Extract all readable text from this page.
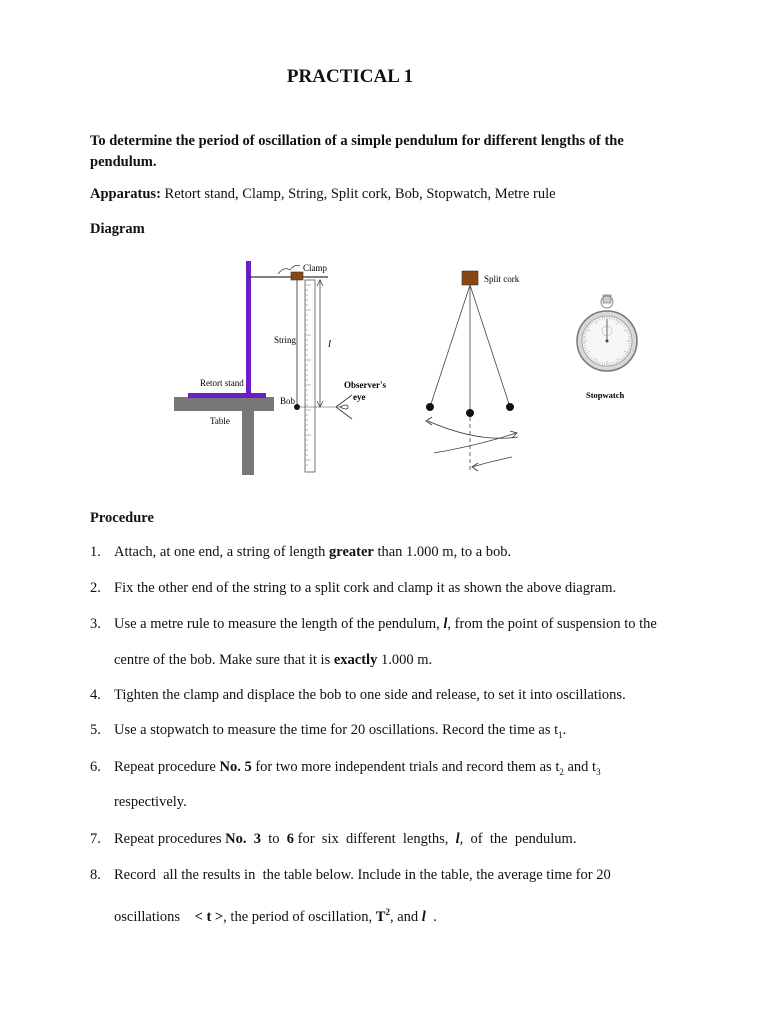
PRACTICAL 1
To determine the period of oscillation of a simple pendulum for different lengths of the pendulum.
Apparatus: Retort stand, Clamp, String, Split cork, Bob, Stopwatch, Metre rule
Diagram
Table
Retort stand
Clamp
String
Bob
l
Observer's
eye
Split cork
Stopwatch
Procedure
1. Attach, at one end, a string of length greater than 1.000 m, to a bob.
2. Fix the other end of the string to a split cork and clamp it as shown the above diagram.
3. Use a metre rule to measure the length of the pendulum, l, from the point of suspension to the
centre of the bob. Make sure that it is exactly 1.000 m.
4. Tighten the clamp and displace the bob to one side and release, to set it into oscillations.
5. Use a stopwatch to measure the time for 20 oscillations. Record the time as $t_1$.
6. Repeat procedure No. 5 for two more independent trials and record them as $t_2$ and $t_3$
respectively.
7. Repeat procedures No.  3  to  6 for  six  different  lengths,  l,  of  the  pendulum.
8. Record  all the results in  the table below. Include in the table, the average time for 20
oscillations    < t >, the period of oscillation, $T^2$, and l  .
